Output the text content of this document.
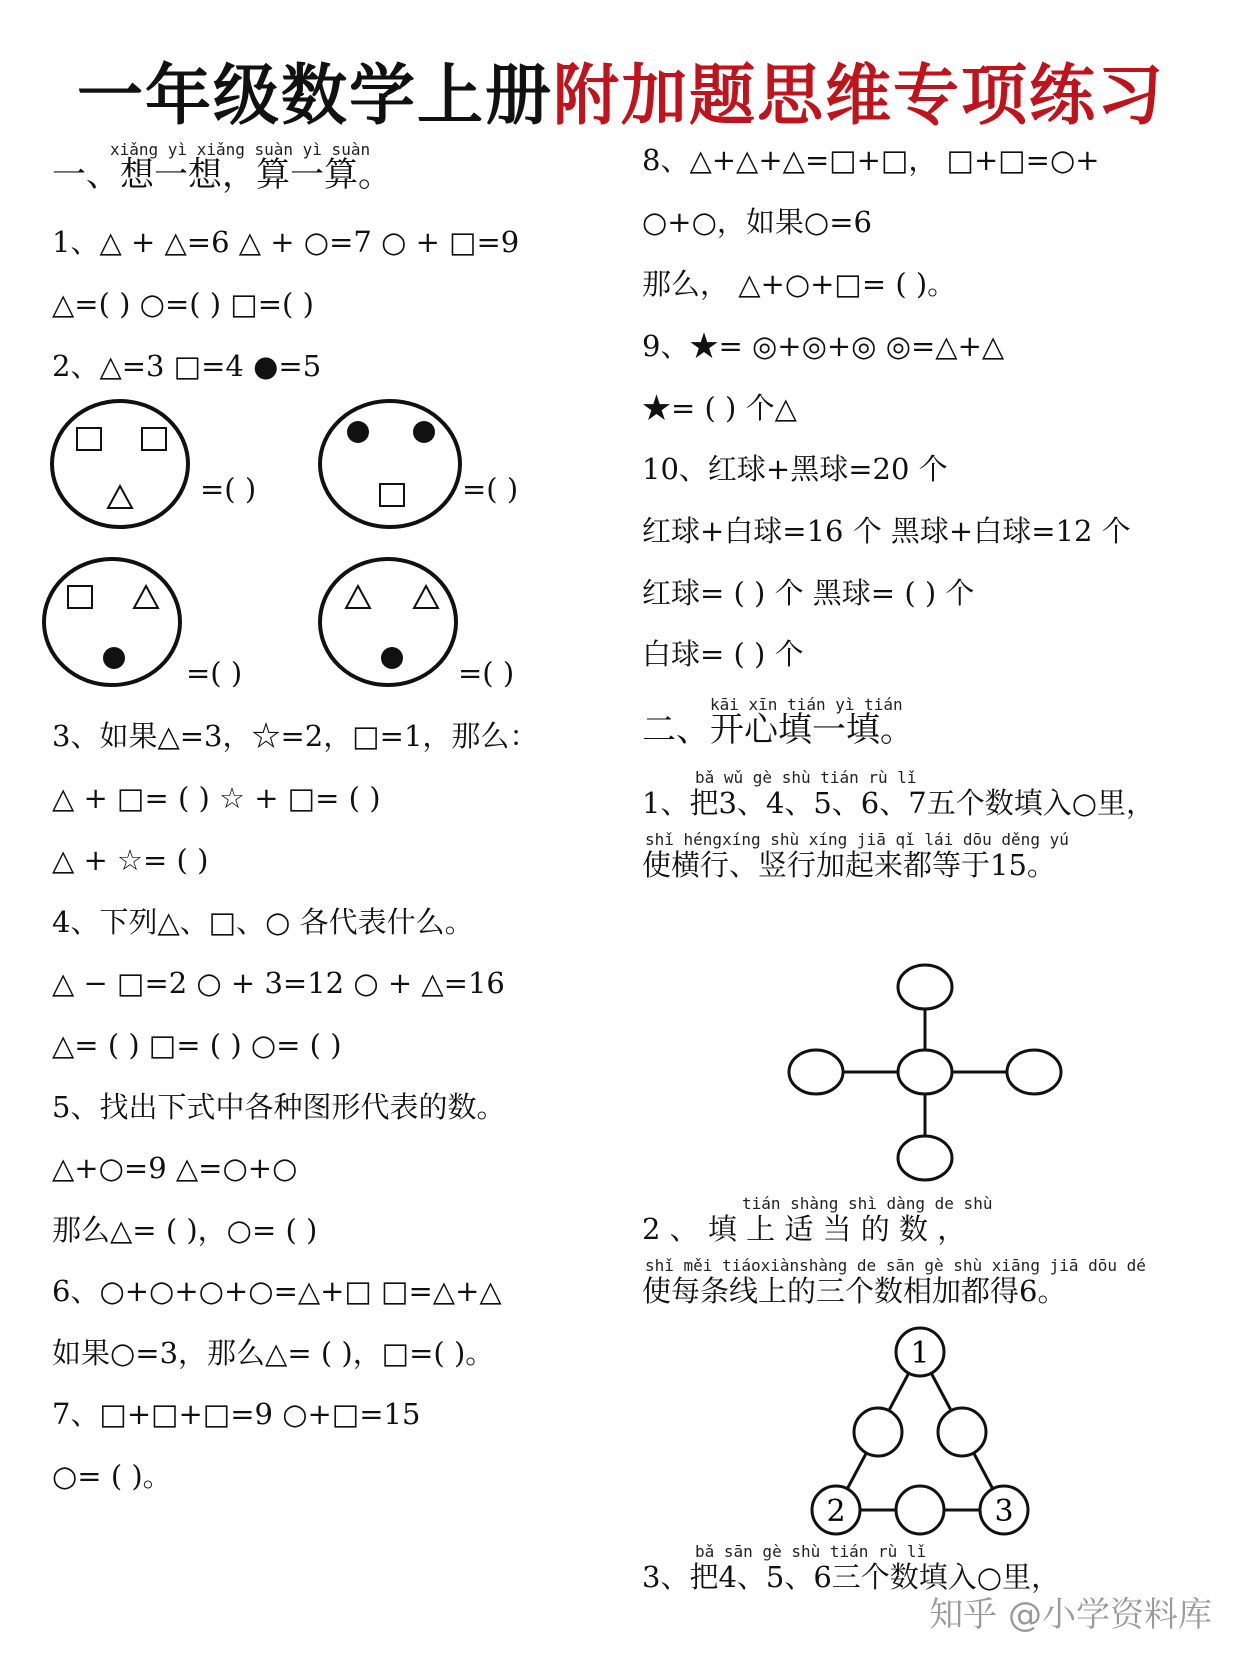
一年级数学上册附加题思维专项练习
xiǎng yì xiǎng suàn yì suàn
一、想一想，算一算。
1、△ + △=6 △ + ○=7 ○ + □=9
△=( ) ○=( ) □=( )
2、△=3 □=4 ●=5
=( )	=( )
=( )	=( )
3、如果△=3，☆=2，□=1，那么：
△ + □= ( ) ☆ + □= ( )
△ + ☆= ( )
4、下列△、□、○ 各代表什么。
△ − □=2 ○ + 3=12 ○ + △=16
△= ( ) □= ( ) ○= ( )
5、找出下式中各种图形代表的数。
△+○=9 △=○+○
那么△= ( )，○= ( )
6、○+○+○+○=△+□ □=△+△
如果○=3，那么△= ( )，□=( )。
7、□+□+□=9 ○+□=15
○= ( )。
8、△+△+△=□+□， □+□=○+
○+○，如果○=6
那么， △+○+□= ( )。
9、★= ◎+◎+◎ ◎=△+△
★= ( ) 个△
10、红球+黑球=20 个
红球+白球=16 个 黑球+白球=12 个
红球= ( ) 个 黑球= ( ) 个
白球= ( ) 个
kāi xīn tián yì tián
二、开心填一填。
bǎ wǔ gè shù tián rù lǐ
1、把3、4、5、6、7五个数填入○里，
shǐ héngxíng shù xíng jiā qǐ lái dōu děng yú
使横行、竖行加起来都等于15。
tián shàng shì dàng de shù
2 、 填 上 适 当 的 数 ，
shǐ měi tiáoxiànshàng de sān gè shù xiāng jiā dōu dé
使每条线上的三个数相加都得6。
1
2	3
bǎ sān gè shù tián rù lǐ
3、把4、5、6三个数填入○里，
知乎 @小学资料库
